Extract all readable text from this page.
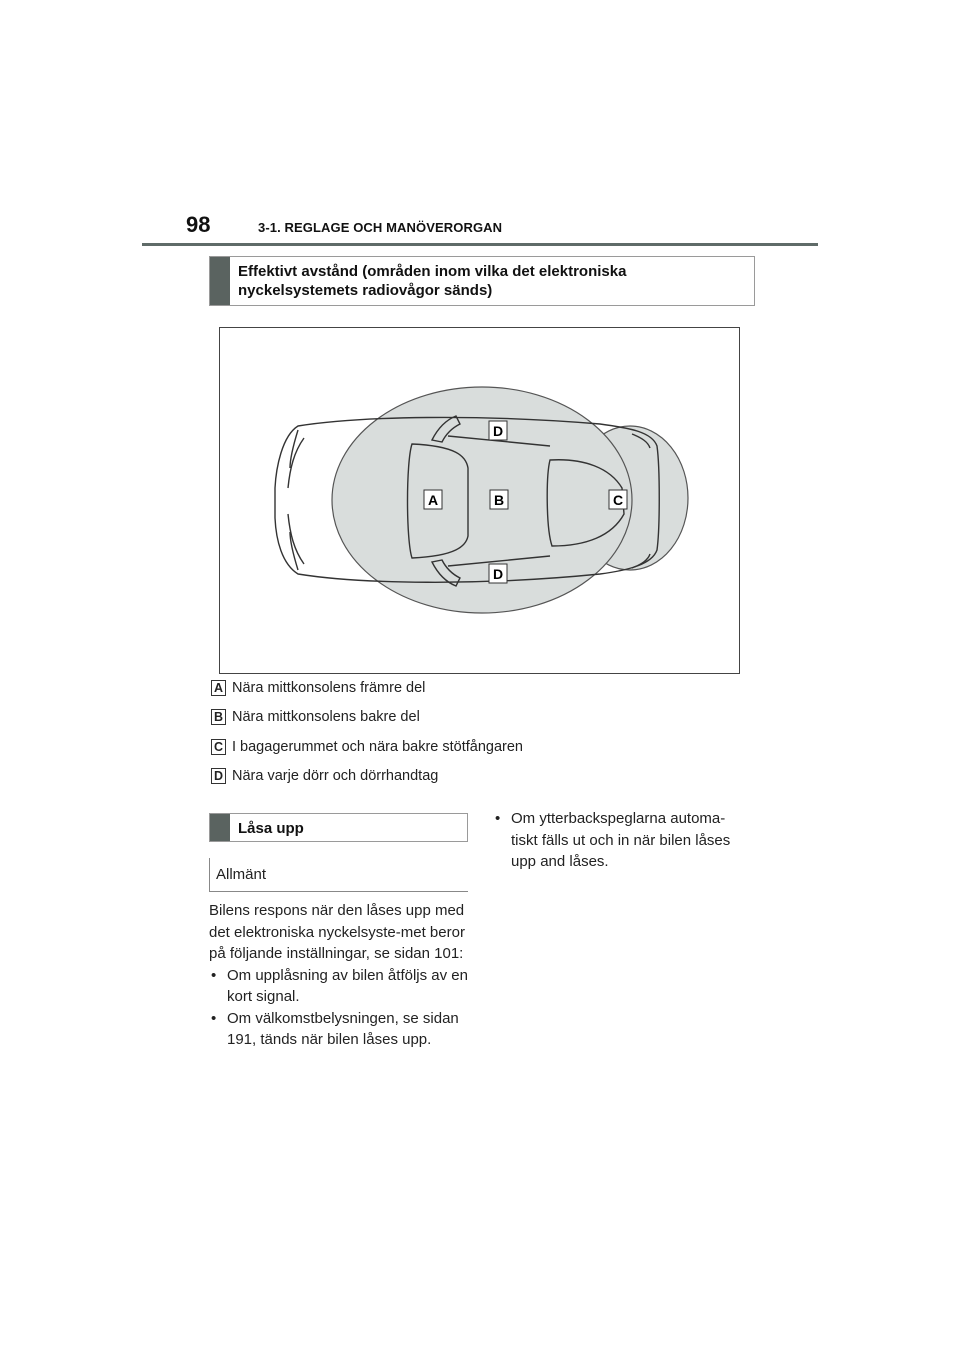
98	3-1. REGLAGE OCH MANÖVERORGAN
Effektivt avstånd (områden inom vilka det elektroniska nyckelsystemets radiovågor sänds)
D
A	B	C
D
A Nära mittkonsolens främre del
B Nära mittkonsolens bakre del
C I bagagerummet och nära bakre stötfångaren
D Nära varje dörr och dörrhandtag
Låsa upp
Allmänt

Bilens respons när den låses upp med det elektroniska nyckelsyste-met beror på följande inställningar, se sidan 101:

• Om upplåsning av bilen åtföljs av en kort signal.

• Om välkomstbelysningen, se sidan 191, tänds när bilen låses upp.

• Om ytterbackspeglarna automa-tiskt fälls ut och in när bilen låses upp and låses.
